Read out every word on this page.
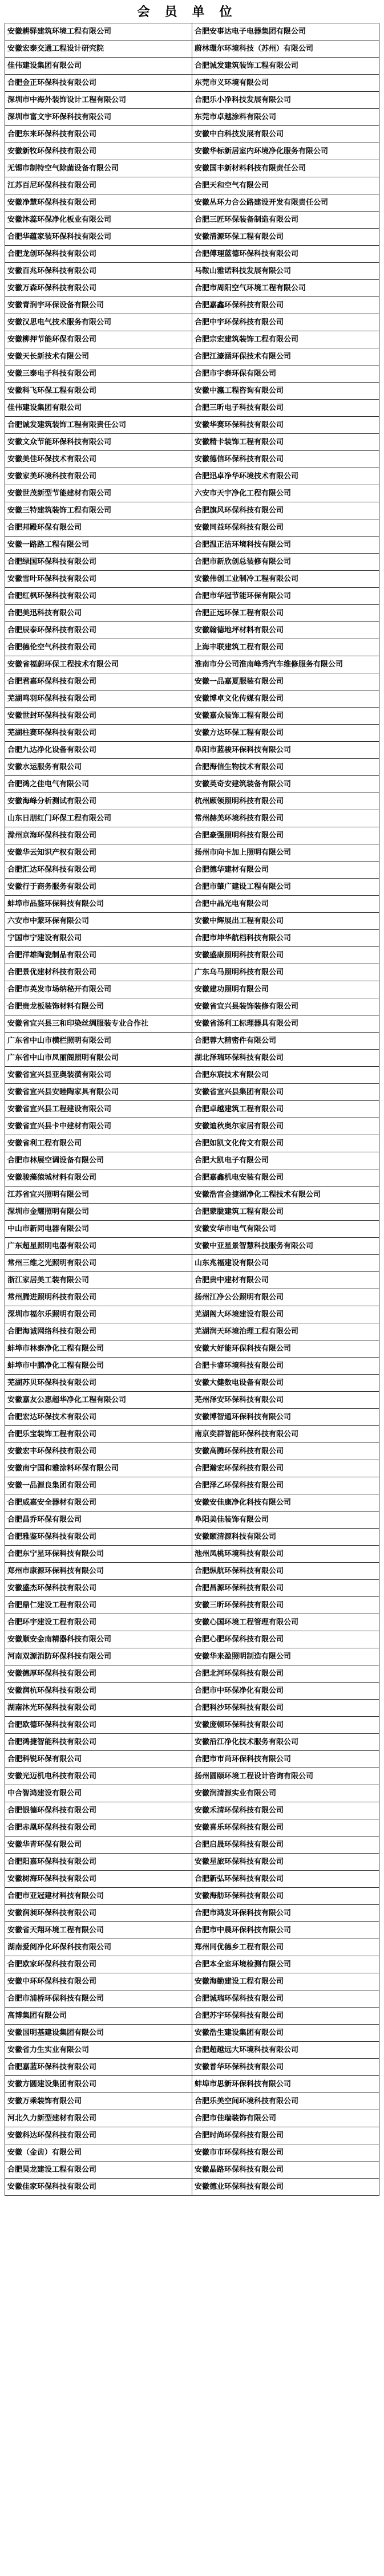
会员单位
安徽耕驿建筑环境工程有限公司	合肥安事达电子电器集团有限公司
安徽宏泰交通工程设计研究院	蔚林環尔环境科技（苏州）有限公司
佳伟建设集团有限公司	合肥诚发建筑装饰工程有限公司
合肥金正环保科技有限公司	东莞市义环境有限公司
深圳市中海外装饰设计工程有限公司	合肥乐小净科技发展有限公司
深圳市富文宇环保科技有限公司	东莞市卓越涂料有限公司
合肥东来环保科技有限公司	安徽中白科技发展有限公司
安徽新牧环保科技有限公司	安徽华标新居室内环境净化服务有限公司
无锡市制特空气除菌设备有限公司	安徽国丰新材料科技有限责任公司
江苏百尼环保科技有限公司	合肥天和空气有限公司
安徽净慧环保科技有限公司	安徽丛环力合公路建设开发有限责任公司
安徽沐蕊环保净化板业有限公司	合肥三匠环保装备制造有限公司
合肥华蕴家装环保科技有限公司	安徽清源环保工程有限公司
合肥龙创环保科技有限公司	合肥傅理蓝德环保科技有限公司
安徽百兆环保科技有限公司	马鞍山雅诺科技发展有限公司
安徽万森环保科技有限公司	合肥市周阳空气环境工程有限公司
安徽青润宇环保设备有限公司	合肥嘉鑫环保科技有限公司
安徽汉思电气技术服务有限公司	合肥中宇环保科技有限公司
安徽柳押节能环保有限公司	合肥宗宏建筑装饰工程有限公司
安徽天长新技术有限公司	合肥江濠涵环保技术有限公司
安徽三泰电子科技有限公司	合肥市宇泰环保有限公司
安徽科飞环保工程有限公司	安徽中瀛工程咨询有限公司
佳伟建设集团有限公司	合肥三昕电子科技有限公司
合肥诚发建筑装饰工程有限责任公司	安徽华赛环保科技有限公司
安徽文众节能环保科技有限公司	安徽精卡装饰工程有限公司
安徽美佳环保技术有限公司	安徽德信环保科技有限公司
安徽家美环境科技有限公司	合肥迅卓净华环境技术有限公司
安徽世茂新型节能建材有限公司	六安市天宇净化工程有限公司
安徽三特建筑装饰工程有限公司	合肥旗风环保科技有限公司
合肥邦殿环保有限公司	安徽同益环保科技有限公司
安徽一路路工程有限公司	合肥温正洁环境科技有限公司
合肥绿国环保科技有限公司	合肥市新欣创总装修有限公司
安徽雪叶环保科技有限公司	安徽伟创工业制冷工程有限公司
合肥红枫环保科技有限公司	合肥市华冠节能环保有限公司
合肥美迅科技有限公司	合肥正远环保工程有限公司
合肥辰泰环保科技有限公司	安徽翰德地坪材料有限公司
合肥德伦空气科技有限公司	上海丰联建筑工程有限公司
安徽省福蔚环保工程技术有限公司	淮南市分公司淮南峰秀汽车维修服务有限公司
合肥君嘉环保科技有限公司	安徽一品嘉夏服装有限公司
芜湖鸣羽环保科技有限公司	安徽博卓文化传媒有限公司
安徽世封环保科技有限公司	安徽嘉众装饰工程有限公司
芜湖柱赛环保科技有限公司	安徽方达环保工程有限公司
合肥九达净化设备有限公司	阜阳市蓝骏环保科技有限公司
安徽水运服务有限公司	合肥海信生物技术有限公司
合肥鸿之佳电气有限公司	安徽英奇安建筑装备有限公司
安徽海峰分析测试有限公司	杭州顾领照明科技有限公司
山东日朋红门环保工程有限公司	常州赫美环境科技有限公司
滁州京海环保科技有限公司	合肥豪强照明科技有限公司
安徽华云知识产权有限公司	扬州市向卡加上照明有限公司
合肥汇达环保科技有限公司	合肥德华建材有限公司
安徽行于商务服务有限公司	合肥市肇广建设工程有限公司
蚌埠市品鉴环保科技有限公司	合肥中晶光电有限公司
六安市中蒙环保有限公司	安徽中辉展出工程有限公司
宁国市宁建设有限公司	合肥市坤华航档科技有限公司
合肥洋雄陶瓷制品有限公司	安徽盛康照明科技有限公司
合肥景优建材科技有限公司	广东乌马照明科技有限公司
合肥市英发市场纳秘开有限公司	安徽建功照明有限公司
合肥贵龙板装饰材料有限公司	安徽省宜兴县装饰装修有限公司
安徽省宜兴县三和印染丝绸服装专业合作社	安徽省汤利工标理器具有限公司
广东省中山市横栏照明有限公司	合肥蓉大精密件有限公司
广东省中山市凤丽阁照明有限公司	湖北泽瑞环保科技有限公司
安徽省宜兴县亚奥装潢有限公司	合肥东宸技术有限公司
安徽省宜兴县安睦陶家具有限公司	安徽省宜兴县集团有限公司
安徽省宜兴县工程建设有限公司	合肥卓越建筑工程有限公司
安徽省宜兴县卡中建材有限公司	安徽迪秋奥尔家居有限公司
安徽省利工程有限公司	合肥如凯文化传文有限公司
合肥市林展空调设备有限公司	合肥大凯电子有限公司
安徽骏藻猿城材料有限公司	合肥嘉鑫机电安装有限公司
江苏省宜兴照明有限公司	安徽浩宫金捷湖净化工程技术有限公司
深圳市金耀照明有限公司	合肥蒙胧建筑工程有限公司
中山市新同电器有限公司	安徽安华市电气有限公司
广东超星照明电器有限公司	安徽中亚星景智慧科技服务有限公司
常州三维之光照明有限公司	山东兆福建设有限公司
浙江家居美工装有限公司	合肥贵中建材有限公司
常州腾进照明科技有限公司	扬州江净公公照明有限公司
深圳市福尔乐照明有限公司	芜湖阁大环境建设有限公司
合肥海诚网络科技有限公司	芜湖润天环境治理工程有限公司
蚌埠市林泰净化工程有限公司	安徽大好能环保科技有限公司
蚌埠市中鹏净化工程有限公司	合肥卡睿环境科技有限公司
芜湖苏贝环保科技有限公司	安徽大健数电设备有限公司
安徽嘉友公惠超华净化工程有限公司	芜州泽安环保科技有限公司
合肥宏达环保技术有限公司	安徽博智通环保科技有限公司
合肥乐宝装饰工程有限公司	南京奕群智能环保科技有限公司
安徽宏丰环保科技有限公司	安徽高腾环保科技有限公司
安徽南宁国和雅涂料环保有限公司	合肥瀚宏环保科技有限公司
安徽一品源良集团有限公司	合肥泽乙环保科技有限公司
合肥威嘉安全器材有限公司	安徽安佳康净化科技有限公司
合肥昌乔环保有限公司	阜阳美佳装饰有限公司
合肥雅鉴环保科技有限公司	安徽颐清源科技有限公司
合肥东宁星环保科技有限公司	池州凤桃环境科技有限公司
郑州市康源环保科技有限公司	合肥纵航环保科技有限公司
安徽盛杰环保科技有限公司	合肥昌源环保科技有限公司
合肥鼎仁建设工程有限公司	安徽三昕环保科技有限公司
合肥环宇建设工程有限公司	安徽心国环境工程管理有限公司
安徽顺安金南精器科技有限公司	合肥心肥环保科技有限公司
河南双源消防环保科技有限公司	安徽华来盈照明制造有限公司
安徽德厚环保科技有限公司	合肥北河环保科技有限公司
安徽润杭环保科技有限公司	合肥市中环保净化有限公司
湖南沐光环保科技有限公司	合肥科沙环保科技有限公司
合肥欧德环保科技有限公司	安徽庞顿环保科技有限公司
合肥鸿捷智能科技有限公司	安徽沿江净化技术服务有限公司
合肥科锐环保有限公司	合肥市市尚环保科技有限公司
安徽光迈机电科技有限公司	扬州圆颐环境工程设计咨询有限公司
中合智鸿建设有限公司	安徽润清源实业有限公司
合肥银德环保科技有限公司	安徽禾清环保科技有限公司
合肥赤凰环保科技有限公司	安徽喜乐环保科技有限公司
安徽华青环保有限公司	合肥启晟环保科技有限公司
合肥阳嘉环保科技有限公司	安徽星旅环保科技有限公司
安徽树海环保科技有限公司	合肥新弘环保科技有限公司
合肥市亚冠建材科技有限公司	安徽海舫环保科技有限公司
安徽润昶环保科技有限公司	合肥市鸿发环保科技有限公司
安徽省天翔环境工程有限公司	合肥市中晨环保科技有限公司
湖南爱阅净化环保科技有限公司	郑州同优德乡工程有限公司
合肥欧家环保科技有限公司	合肥本全室环境检测有限公司
安徽中环环保科技有限公司	安徽海勤建设工程有限公司
合肥市浦桥环保科技有限公司	合肥诚瑞环保科技有限公司
高博集团有限公司	合肥苏宇环保科技有限公司
安徽国明基建设集团有限公司	安徽浩生建设集团有限公司
安徽省力生实业有限公司	合肥超越远大环境科技有限公司
合肥嘉蓝环保科技有限公司	安徽普华环保科技有限公司
安徽方圆建设集团有限公司	蚌埠市思新环保科技有限公司
安徽万乘装饰有限公司	合肥乐美空间环境科技有限公司
河北久力新型建材有限公司	合肥市佳瑞装饰有限公司
安徽科达环保科技有限公司	合肥时尚环保科技有限公司
安徽（金齿）有限公司	安徽市市环保科技有限公司
合肥昊龙建设工程有限公司	安徽晶路环保科技有限公司
安徽佳家环保科技有限公司	安徽德业环保科技有限公司
